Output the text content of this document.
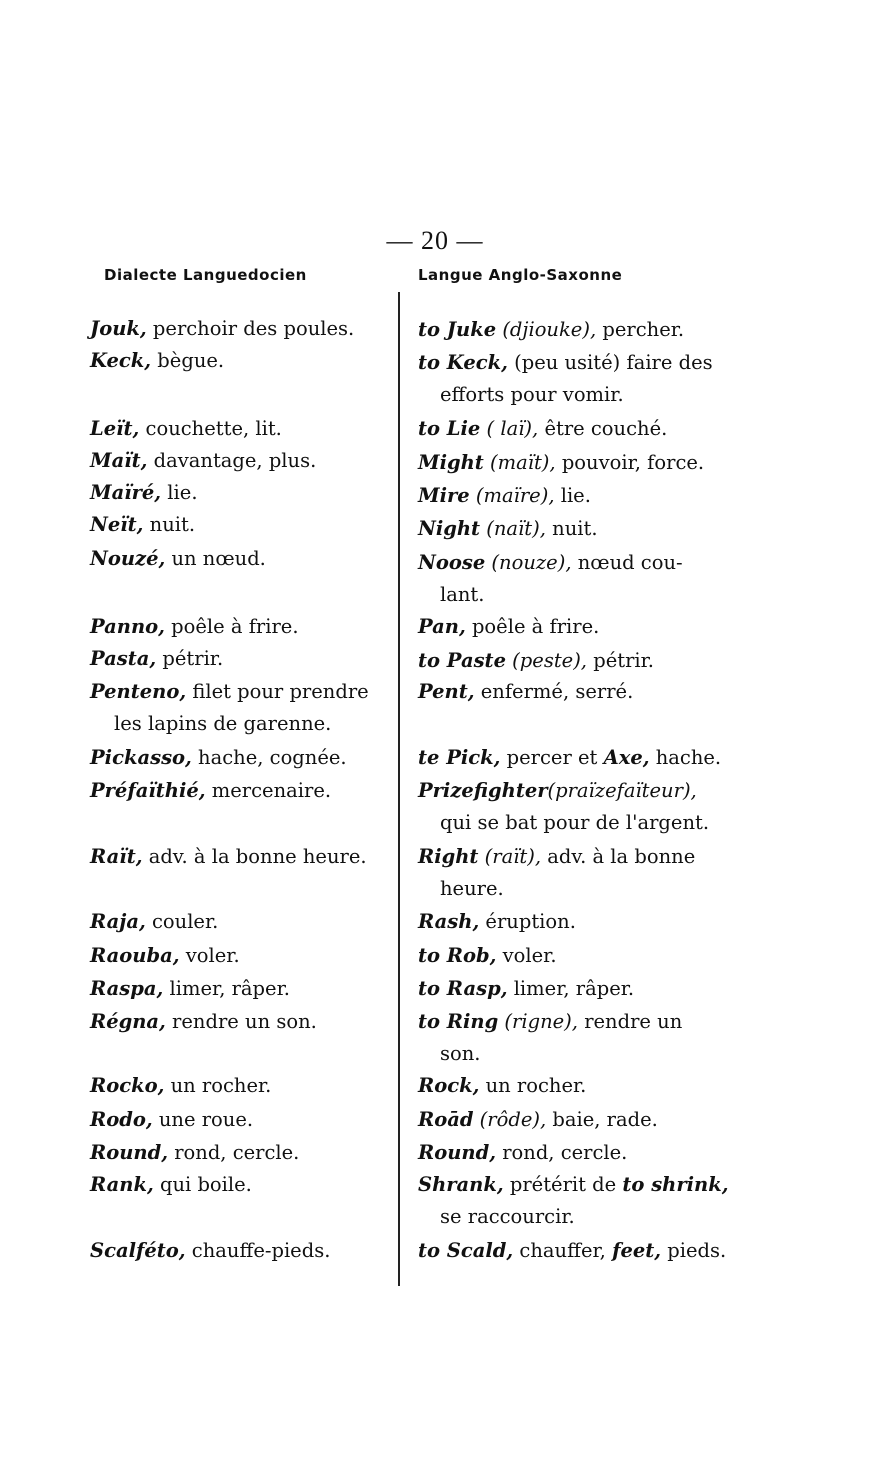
— 20 —
Dialecte Languedocien	Langue Anglo-Saxonne
Jouk, perchoir des poules.
Keck, bègue.
Leït, couchette, lit.
Maït, davantage, plus.
Maïré, lie.
Neït, nuit.
Nouzé, un nœud.
Panno, poêle à frire.
Pasta, pétrir.
Penteno, filet pour prendre
les lapins de garenne.
Pickasso, hache, cognée.
Préfaïthié, mercenaire.
Raït, adv. à la bonne heure.
Raja, couler.
Raouba, voler.
Raspa, limer, râper.
Régna, rendre un son.
Rocko, un rocher.
Rodo, une roue.
Round, rond, cercle.
Rank, qui boile.
Scalféto, chauffe-pieds.
to Juke (djiouke), percher.
to Keck, (peu usité) faire des
efforts pour vomir.
to Lie ( laï), être couché.
Might (maït), pouvoir, force.
Mire (maïre), lie.
Night (naït), nuit.
Noose (nouze), nœud cou-
lant.
Pan, poêle à frire.
to Paste (peste), pétrir.
Pent, enfermé, serré.
te Pick, percer et Axe, hache.
Prizefighter(praïzefaïteur),
qui se bat pour de l'argent.
Right (raït), adv. à la bonne
heure.
Rash, éruption.
to Rob, voler.
to Rasp, limer, râper.
to Ring (rigne), rendre un
son.
Rock, un rocher.
Roād (rôde), baie, rade.
Round, rond, cercle.
Shrank, prétérit de to shrink,
se raccourcir.
to Scald, chauffer, feet, pieds.
